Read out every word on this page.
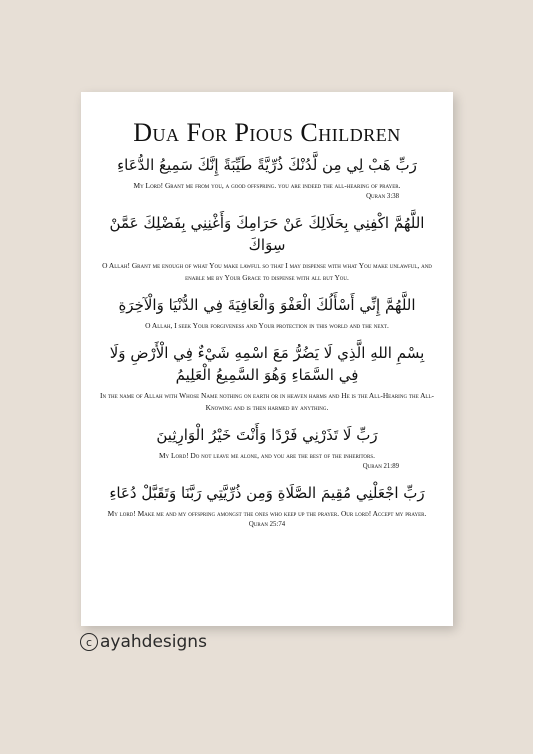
Dua For Pious Children

رَبِّ هَبْ لِي مِن لَّدُنْكَ ذُرِّيَّةً طَيِّبَةً إِنَّكَ سَمِيعُ الدُّعَاءِ

My Lord! Grant me from you, a good offspring. you are indeed the all-hearing of prayer.

Quran 3:38

اللَّهُمَّ اكْفِنِي بِحَلَالِكَ عَنْ حَرَامِكَ وَأَغْنِنِي بِفَضْلِكَ عَمَّنْ سِوَاكَ

O Allah! Grant me enough of what You make lawful so that I may dispense with what You make unlawful, and enable me by Your Grace to dispense with all but You.

اللَّهُمَّ إِنِّي أَسْأَلُكَ الْعَفْوَ وَالْعَافِيَةَ فِي الدُّنْيَا وَالْآخِرَةِ

O Allah, I seek Your forgiveness and Your protection in this world and the next.

بِسْمِ اللهِ الَّذِي لَا يَضُرُّ مَعَ اسْمِهِ شَيْءٌ فِي الْأَرْضِ وَلَا فِي السَّمَاءِ وَهُوَ السَّمِيعُ الْعَلِيمُ

In the name of Allah with Whose Name nothing on earth or in heaven harms and He is the All-Hearing the All-Knowing and is then harmed by anything.

رَبِّ لَا تَذَرْنِي فَرْدًا وَأَنْتَ خَيْرُ الْوَارِثِينَ

My Lord! Do not leave me alone, and you are the best of the inheritors.

Quran 21:89

رَبِّ اجْعَلْنِي مُقِيمَ الصَّلَاةِ وَمِن ذُرِّيَّتِي رَبَّنَا وَتَقَبَّلْ دُعَاءِ

My lord! Make me and my offspring amongst the ones who keep up the prayer. Our lord! Accept my prayer.

Quran 25:74

c ayahdesigns
